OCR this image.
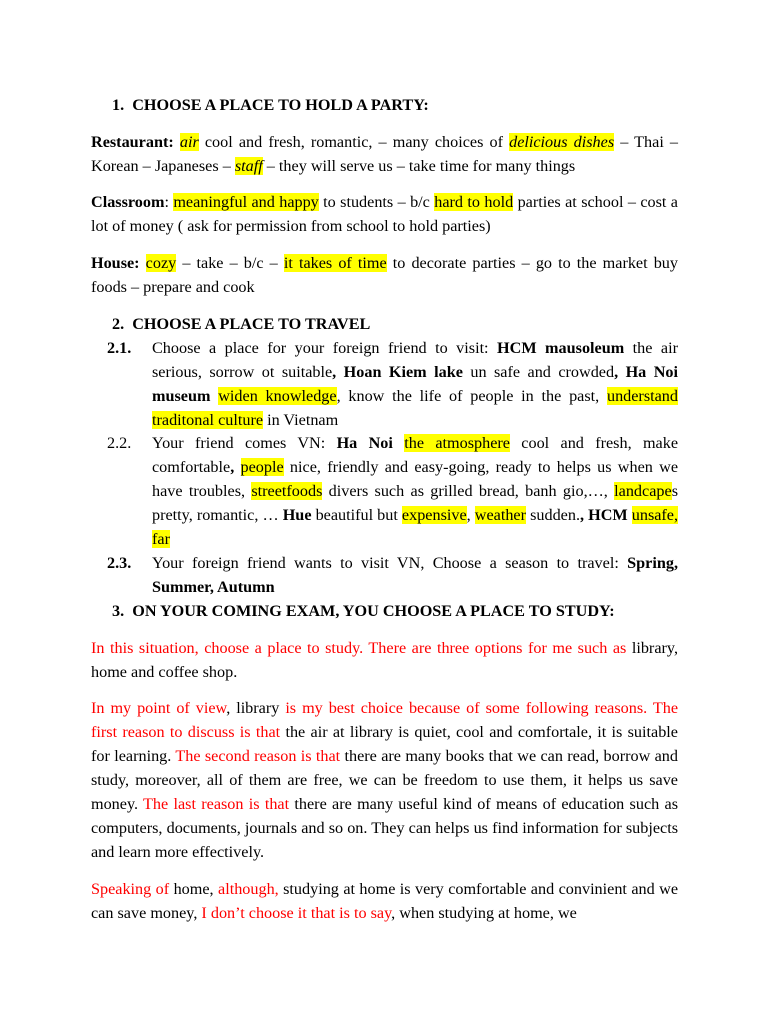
1. CHOOSE A PLACE TO HOLD A PARTY:

Restaurant: air cool and fresh, romantic, – many choices of delicious dishes – Thai – Korean – Japaneses – staff – they will serve us – take time for many things

Classroom: meaningful and happy to students – b/c hard to hold parties at school – cost a lot of money ( ask for permission from school to hold parties)

House: cozy – take – b/c – it takes of time to decorate parties – go to the market buy foods – prepare and cook

2. CHOOSE A PLACE TO TRAVEL
2.1. Choose a place for your foreign friend to visit: HCM mausoleum the air serious, sorrow ot suitable, Hoan Kiem lake un safe and crowded, Ha Noi museum widen knowledge, know the life of people in the past, understand traditonal culture in Vietnam

2.2. Your friend comes VN: Ha Noi the atmosphere cool and fresh, make comfortable, people nice, friendly and easy-going, ready to helps us when we have troubles, streetfoods divers such as grilled bread, banh gio,…, landcapes pretty, romantic, … Hue beautiful but expensive, weather sudden., HCM unsafe, far

2.3. Your foreign friend wants to visit VN, Choose a season to travel: Spring, Summer, Autumn

3. ON YOUR COMING EXAM, YOU CHOOSE A PLACE TO STUDY:

In this situation, choose a place to study. There are three options for me such as library, home and coffee shop.

In my point of view, library is my best choice because of some following reasons. The first reason to discuss is that the air at library is quiet, cool and comfortale, it is suitable for learning. The second reason is that there are many books that we can read, borrow and study, moreover, all of them are free, we can be freedom to use them, it helps us save money. The last reason is that there are many useful kind of means of education such as computers, documents, journals and so on. They can helps us find information for subjects and learn more effectively.

Speaking of home, although, studying at home is very comfortable and convinient and we can save money, I don’t choose it that is to say, when studying at home, we
